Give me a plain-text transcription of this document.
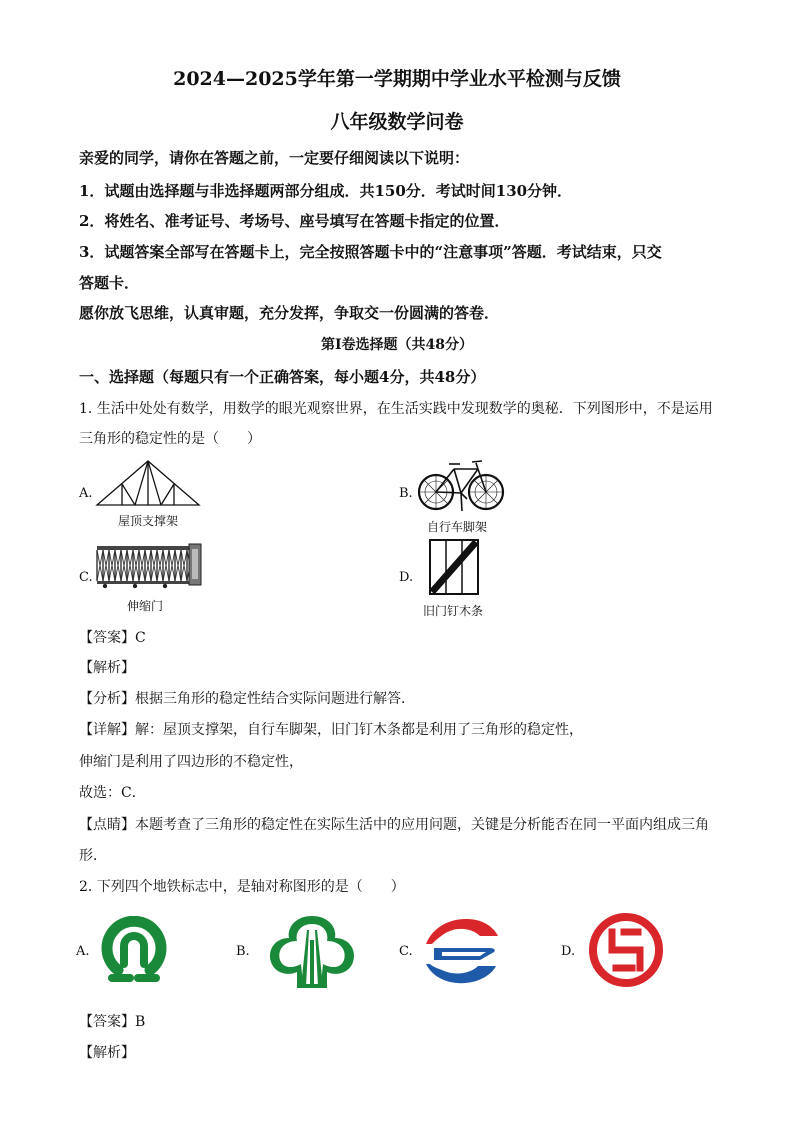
2024—2025学年第一学期期中学业水平检测与反馈
八年级数学问卷
亲爱的同学，请你在答题之前，一定要仔细阅读以下说明：
1．试题由选择题与非选择题两部分组成．共150分．考试时间130分钟．
2．将姓名、准考证号、考场号、座号填写在答题卡指定的位置．
3．试题答案全部写在答题卡上，完全按照答题卡中的“注意事项”答题．考试结束，只交
答题卡．
愿你放飞思维，认真审题，充分发挥，争取交一份圆满的答卷．
第Ⅰ卷选择题（共48分）
一、选择题（每题只有一个正确答案，每小题4分，共48分）
1. 生活中处处有数学，用数学的眼光观察世界，在生活实践中发现数学的奥秘．下列图形中，不是运用
三角形的稳定性的是（　　）
A.
屋顶支撑架
B.
自行车脚架
C.
伸缩门
D.
旧门钉木条
【答案】C
【解析】
【分析】根据三角形的稳定性结合实际问题进行解答．
【详解】解：屋顶支撑架，自行车脚架，旧门钉木条都是利用了三角形的稳定性，
伸缩门是利用了四边形的不稳定性，
故选：C．
【点睛】本题考查了三角形的稳定性在实际生活中的应用问题，关键是分析能否在同一平面内组成三角
形．
2. 下列四个地铁标志中，是轴对称图形的是（　　）
A.	B.	C.	D.
【答案】B
【解析】
